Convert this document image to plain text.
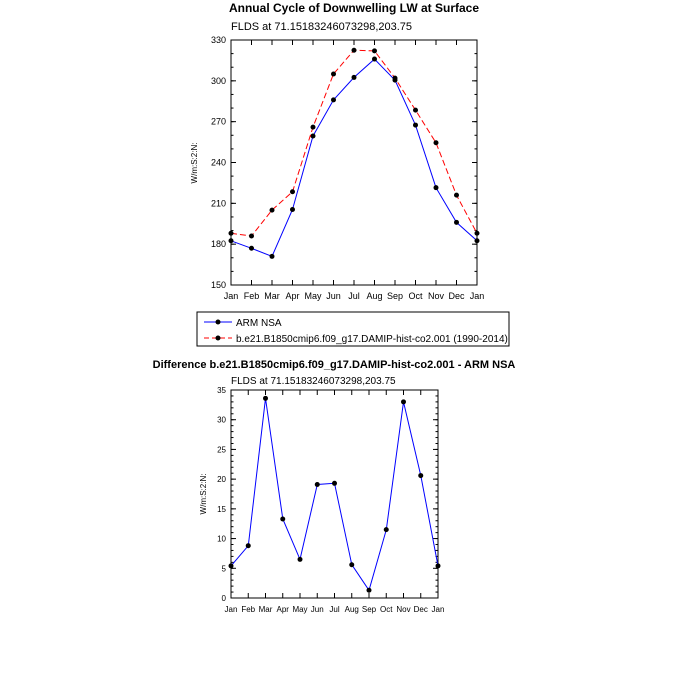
Annual Cycle of Downwelling LW at Surface
FLDS at 71.15183246073298,203.75
W/m:S:2:N:
150
180
210
240
270
300
330
Jan Feb Mar Apr May Jun Jul Aug Sep Oct Nov Dec Jan
ARM NSA
b.e21.B1850cmip6.f09_g17.DAMIP-hist-co2.001 (1990-2014)
Difference b.e21.B1850cmip6.f09_g17.DAMIP-hist-co2.001 - ARM NSA
FLDS at 71.15183246073298,203.75
W/m:S:2:N:
0
5
10
15
20
25
30
35
Jan Feb Mar Apr May Jun Jul Aug Sep Oct Nov Dec Jan
